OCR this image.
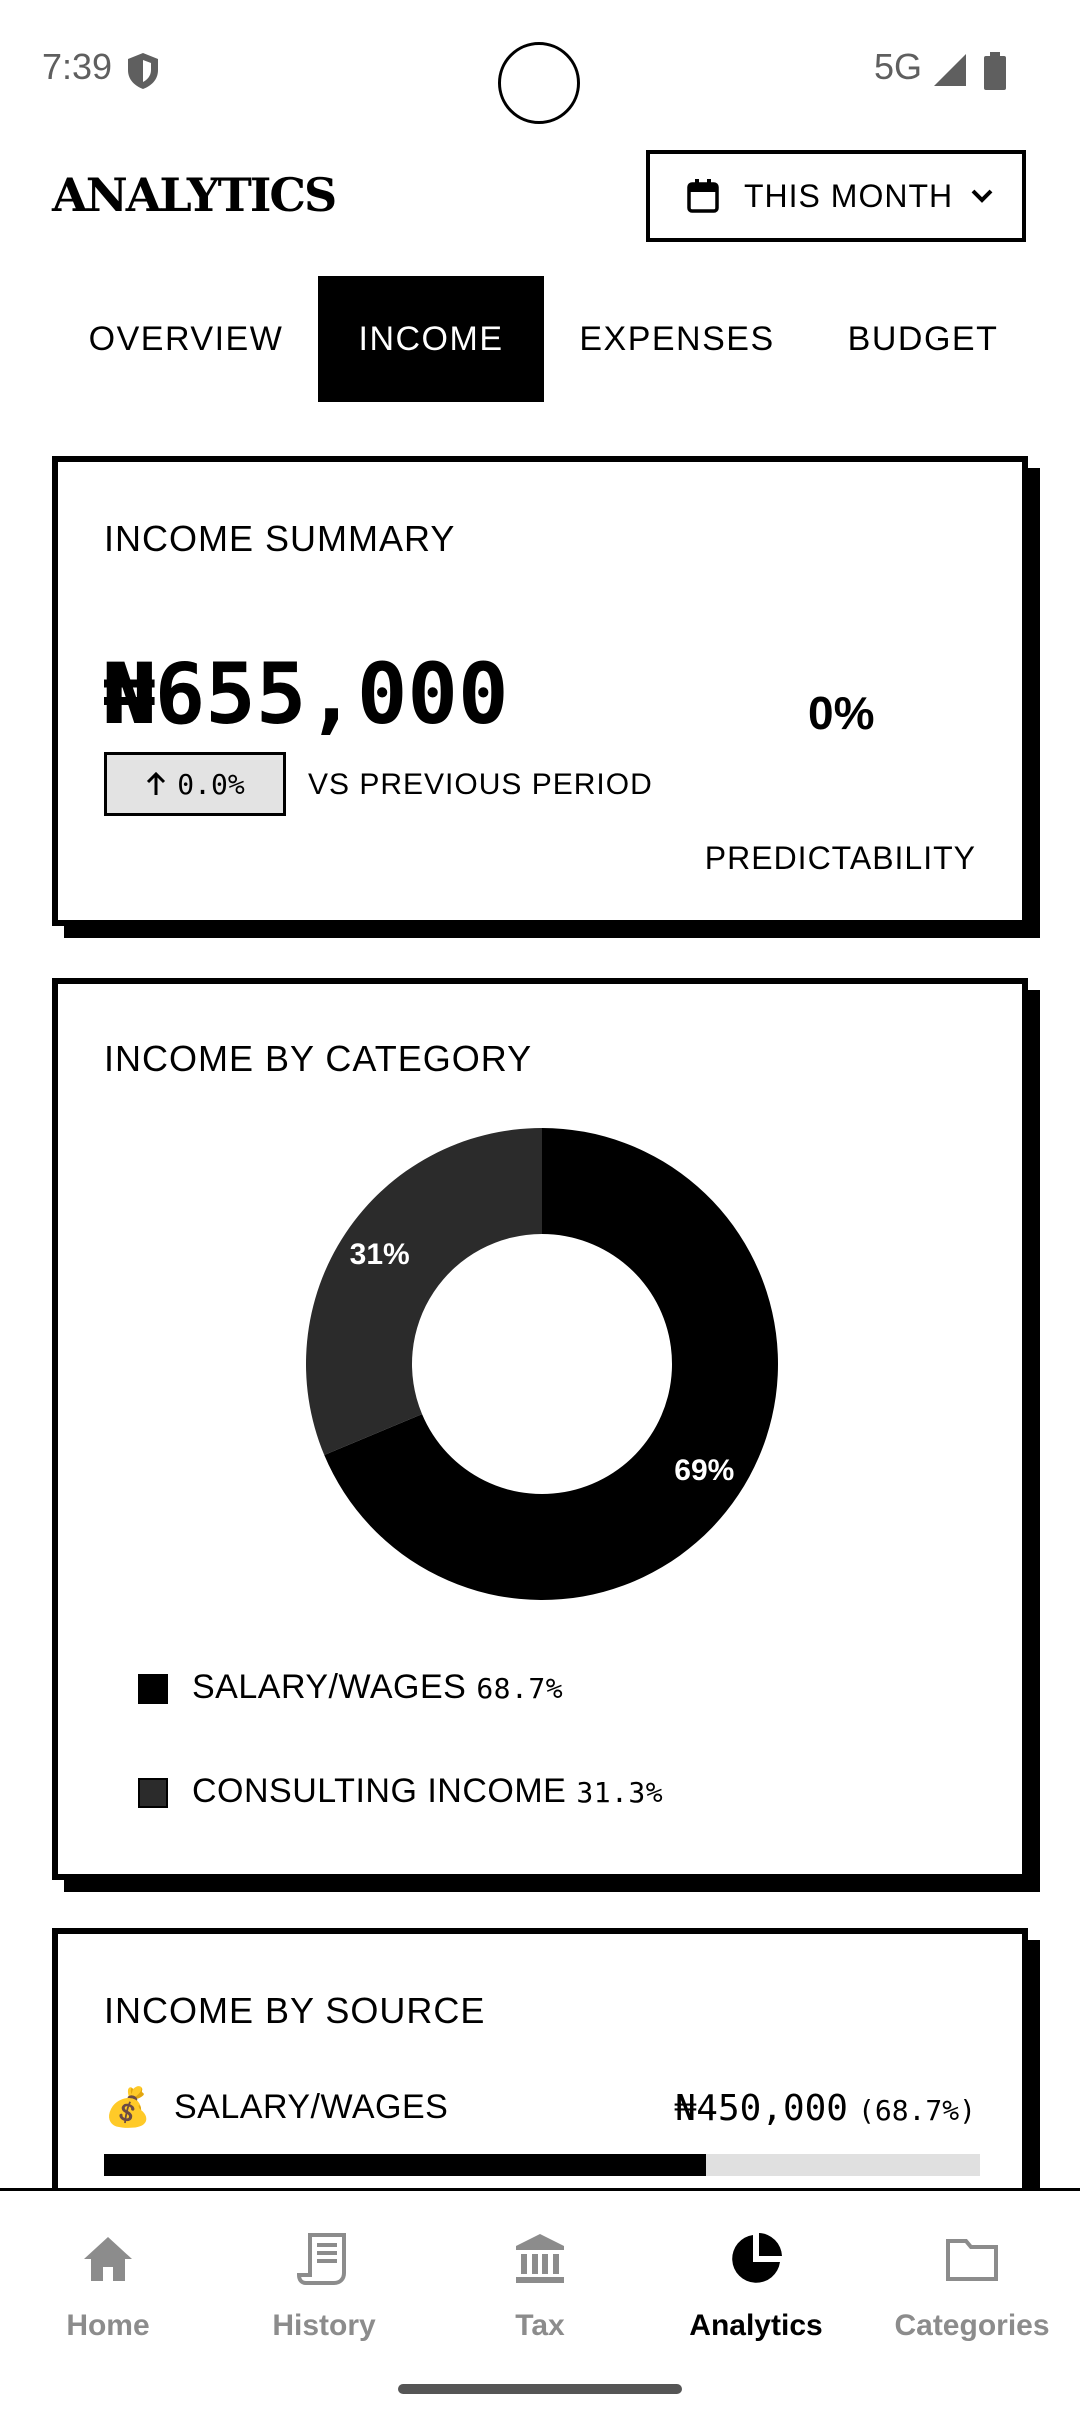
7:39	5G
ANALYTICS	THIS MONTH
OVERVIEW	INCOME	EXPENSES	BUDGET
INCOME SUMMARY
₦655,000
0.0% VS PREVIOUS PERIOD
0%
PREDICTABILITY
INCOME BY CATEGORY
69%
31%
SALARY/WAGES 68.7%
CONSULTING INCOME 31.3%
INCOME BY SOURCE
💰 SALARY/WAGES	₦450,000 (68.7%)
Home	History	Tax	Analytics Categories
